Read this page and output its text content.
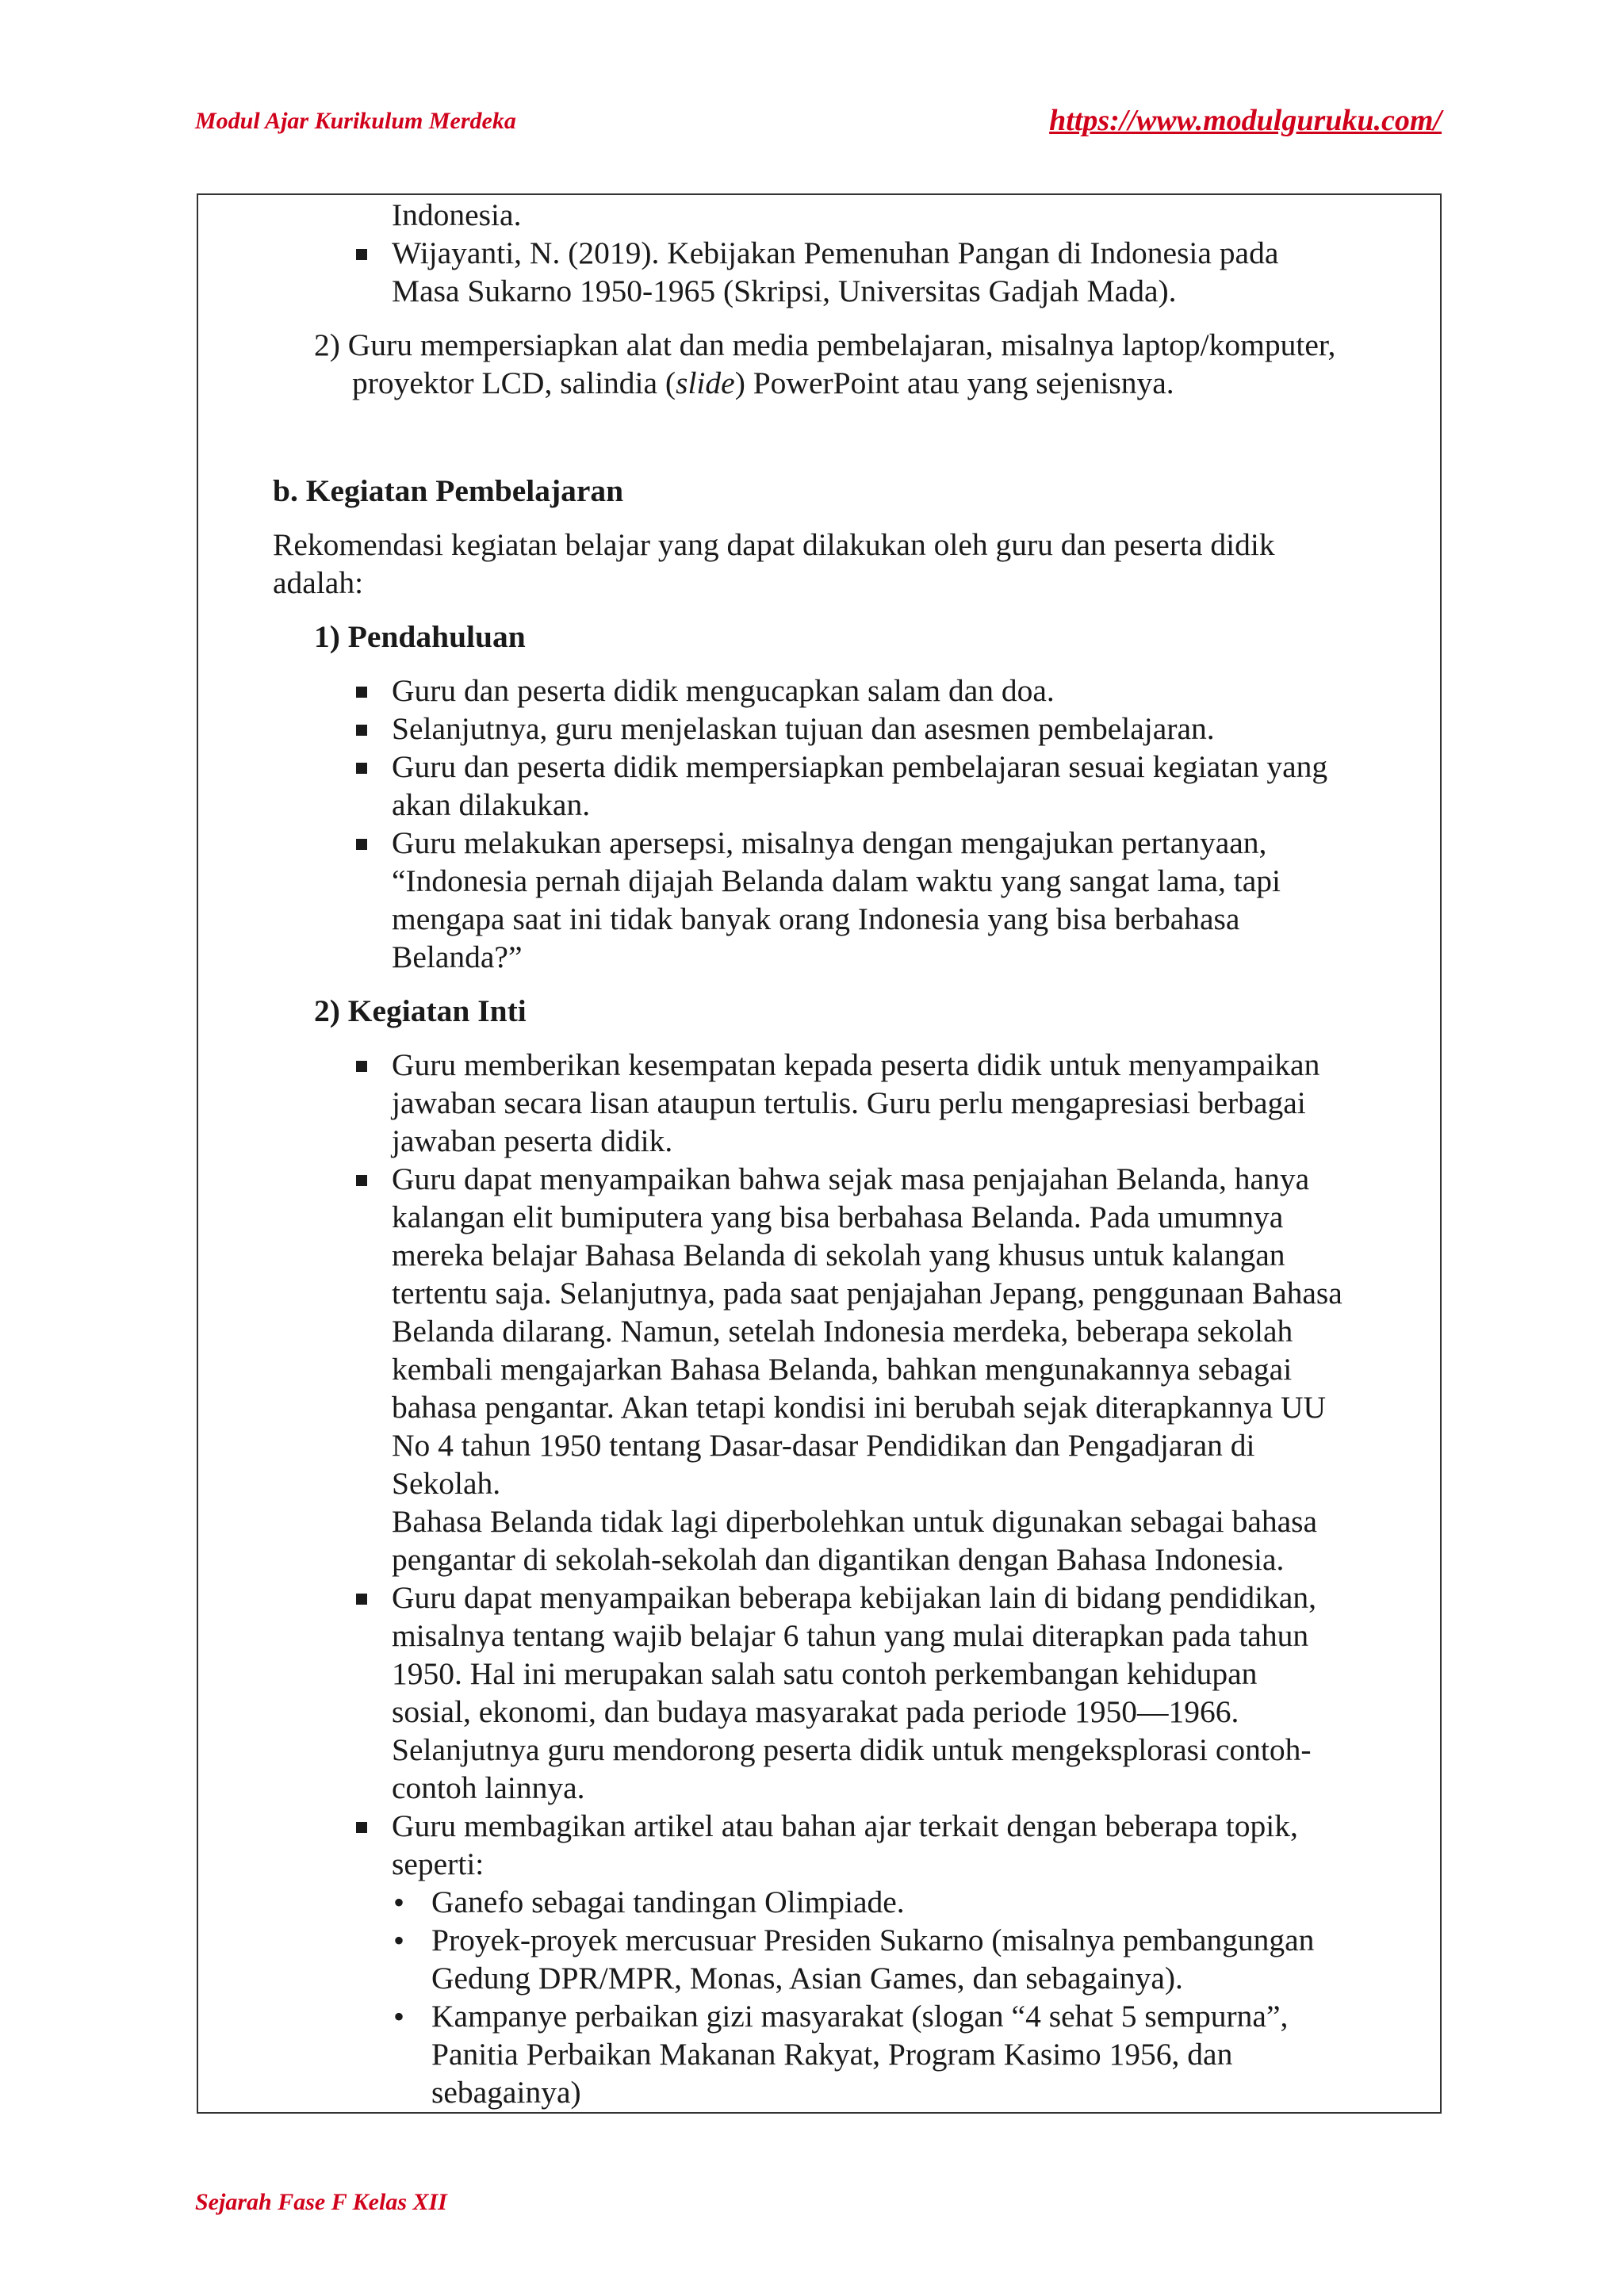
Modul Ajar Kurikulum Merdeka	https://www.modulguruku.com/
Indonesia.
Wijayanti, N. (2019). Kebijakan Pemenuhan Pangan di Indonesia pada
Masa Sukarno 1950-1965 (Skripsi, Universitas Gadjah Mada).
2) Guru mempersiapkan alat dan media pembelajaran, misalnya laptop/komputer,
proyektor LCD, salindia (slide) PowerPoint atau yang sejenisnya.
b. Kegiatan Pembelajaran
Rekomendasi kegiatan belajar yang dapat dilakukan oleh guru dan peserta didik
adalah:
1) Pendahuluan
Guru dan peserta didik mengucapkan salam dan doa.
Selanjutnya, guru menjelaskan tujuan dan asesmen pembelajaran.
Guru dan peserta didik mempersiapkan pembelajaran sesuai kegiatan yang
akan dilakukan.
Guru melakukan apersepsi, misalnya dengan mengajukan pertanyaan,
“Indonesia pernah dijajah Belanda dalam waktu yang sangat lama, tapi
mengapa saat ini tidak banyak orang Indonesia yang bisa berbahasa
Belanda?”
2) Kegiatan Inti
Guru memberikan kesempatan kepada peserta didik untuk menyampaikan
jawaban secara lisan ataupun tertulis. Guru perlu mengapresiasi berbagai
jawaban peserta didik.
Guru dapat menyampaikan bahwa sejak masa penjajahan Belanda, hanya
kalangan elit bumiputera yang bisa berbahasa Belanda. Pada umumnya
mereka belajar Bahasa Belanda di sekolah yang khusus untuk kalangan
tertentu saja. Selanjutnya, pada saat penjajahan Jepang, penggunaan Bahasa
Belanda dilarang. Namun, setelah Indonesia merdeka, beberapa sekolah
kembali mengajarkan Bahasa Belanda, bahkan mengunakannya sebagai
bahasa pengantar. Akan tetapi kondisi ini berubah sejak diterapkannya UU
No 4 tahun 1950 tentang Dasar-dasar Pendidikan dan Pengadjaran di
Sekolah.
Bahasa Belanda tidak lagi diperbolehkan untuk digunakan sebagai bahasa
pengantar di sekolah-sekolah dan digantikan dengan Bahasa Indonesia.
Guru dapat menyampaikan beberapa kebijakan lain di bidang pendidikan,
misalnya tentang wajib belajar 6 tahun yang mulai diterapkan pada tahun
1950. Hal ini merupakan salah satu contoh perkembangan kehidupan
sosial, ekonomi, dan budaya masyarakat pada periode 1950—1966.
Selanjutnya guru mendorong peserta didik untuk mengeksplorasi contoh-
contoh lainnya.
Guru membagikan artikel atau bahan ajar terkait dengan beberapa topik,
seperti:
• Ganefo sebagai tandingan Olimpiade.
• Proyek-proyek mercusuar Presiden Sukarno (misalnya pembangungan
Gedung DPR/MPR, Monas, Asian Games, dan sebagainya).
• Kampanye perbaikan gizi masyarakat (slogan “4 sehat 5 sempurna”,
Panitia Perbaikan Makanan Rakyat, Program Kasimo 1956, dan
sebagainya)
Sejarah Fase F Kelas XII
